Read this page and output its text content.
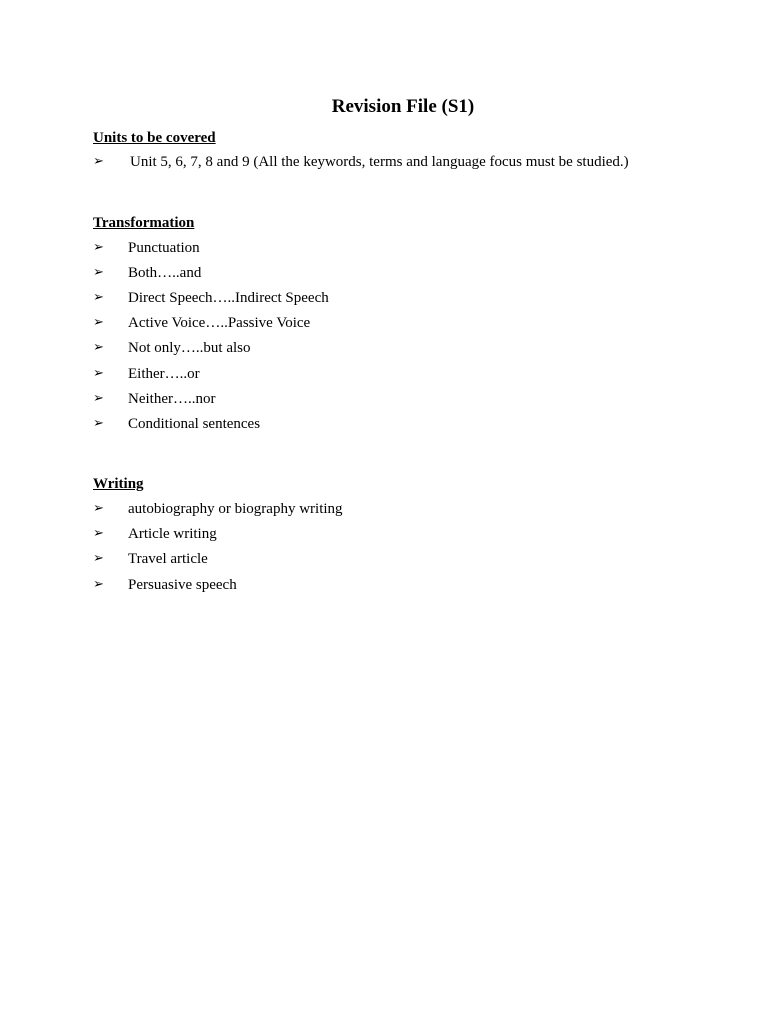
Revision File (S1)
Units to be covered
➢ Unit 5, 6, 7, 8 and 9 (All the keywords, terms and language focus must be studied.)
Transformation
➢ Punctuation
➢ Both…..and
➢ Direct Speech…..Indirect Speech
➢ Active Voice…..Passive Voice
➢ Not only…..but also
➢ Either…..or
➢ Neither…..nor
➢ Conditional sentences
Writing
➢ autobiography or biography writing
➢ Article writing
➢ Travel article
➢ Persuasive speech
